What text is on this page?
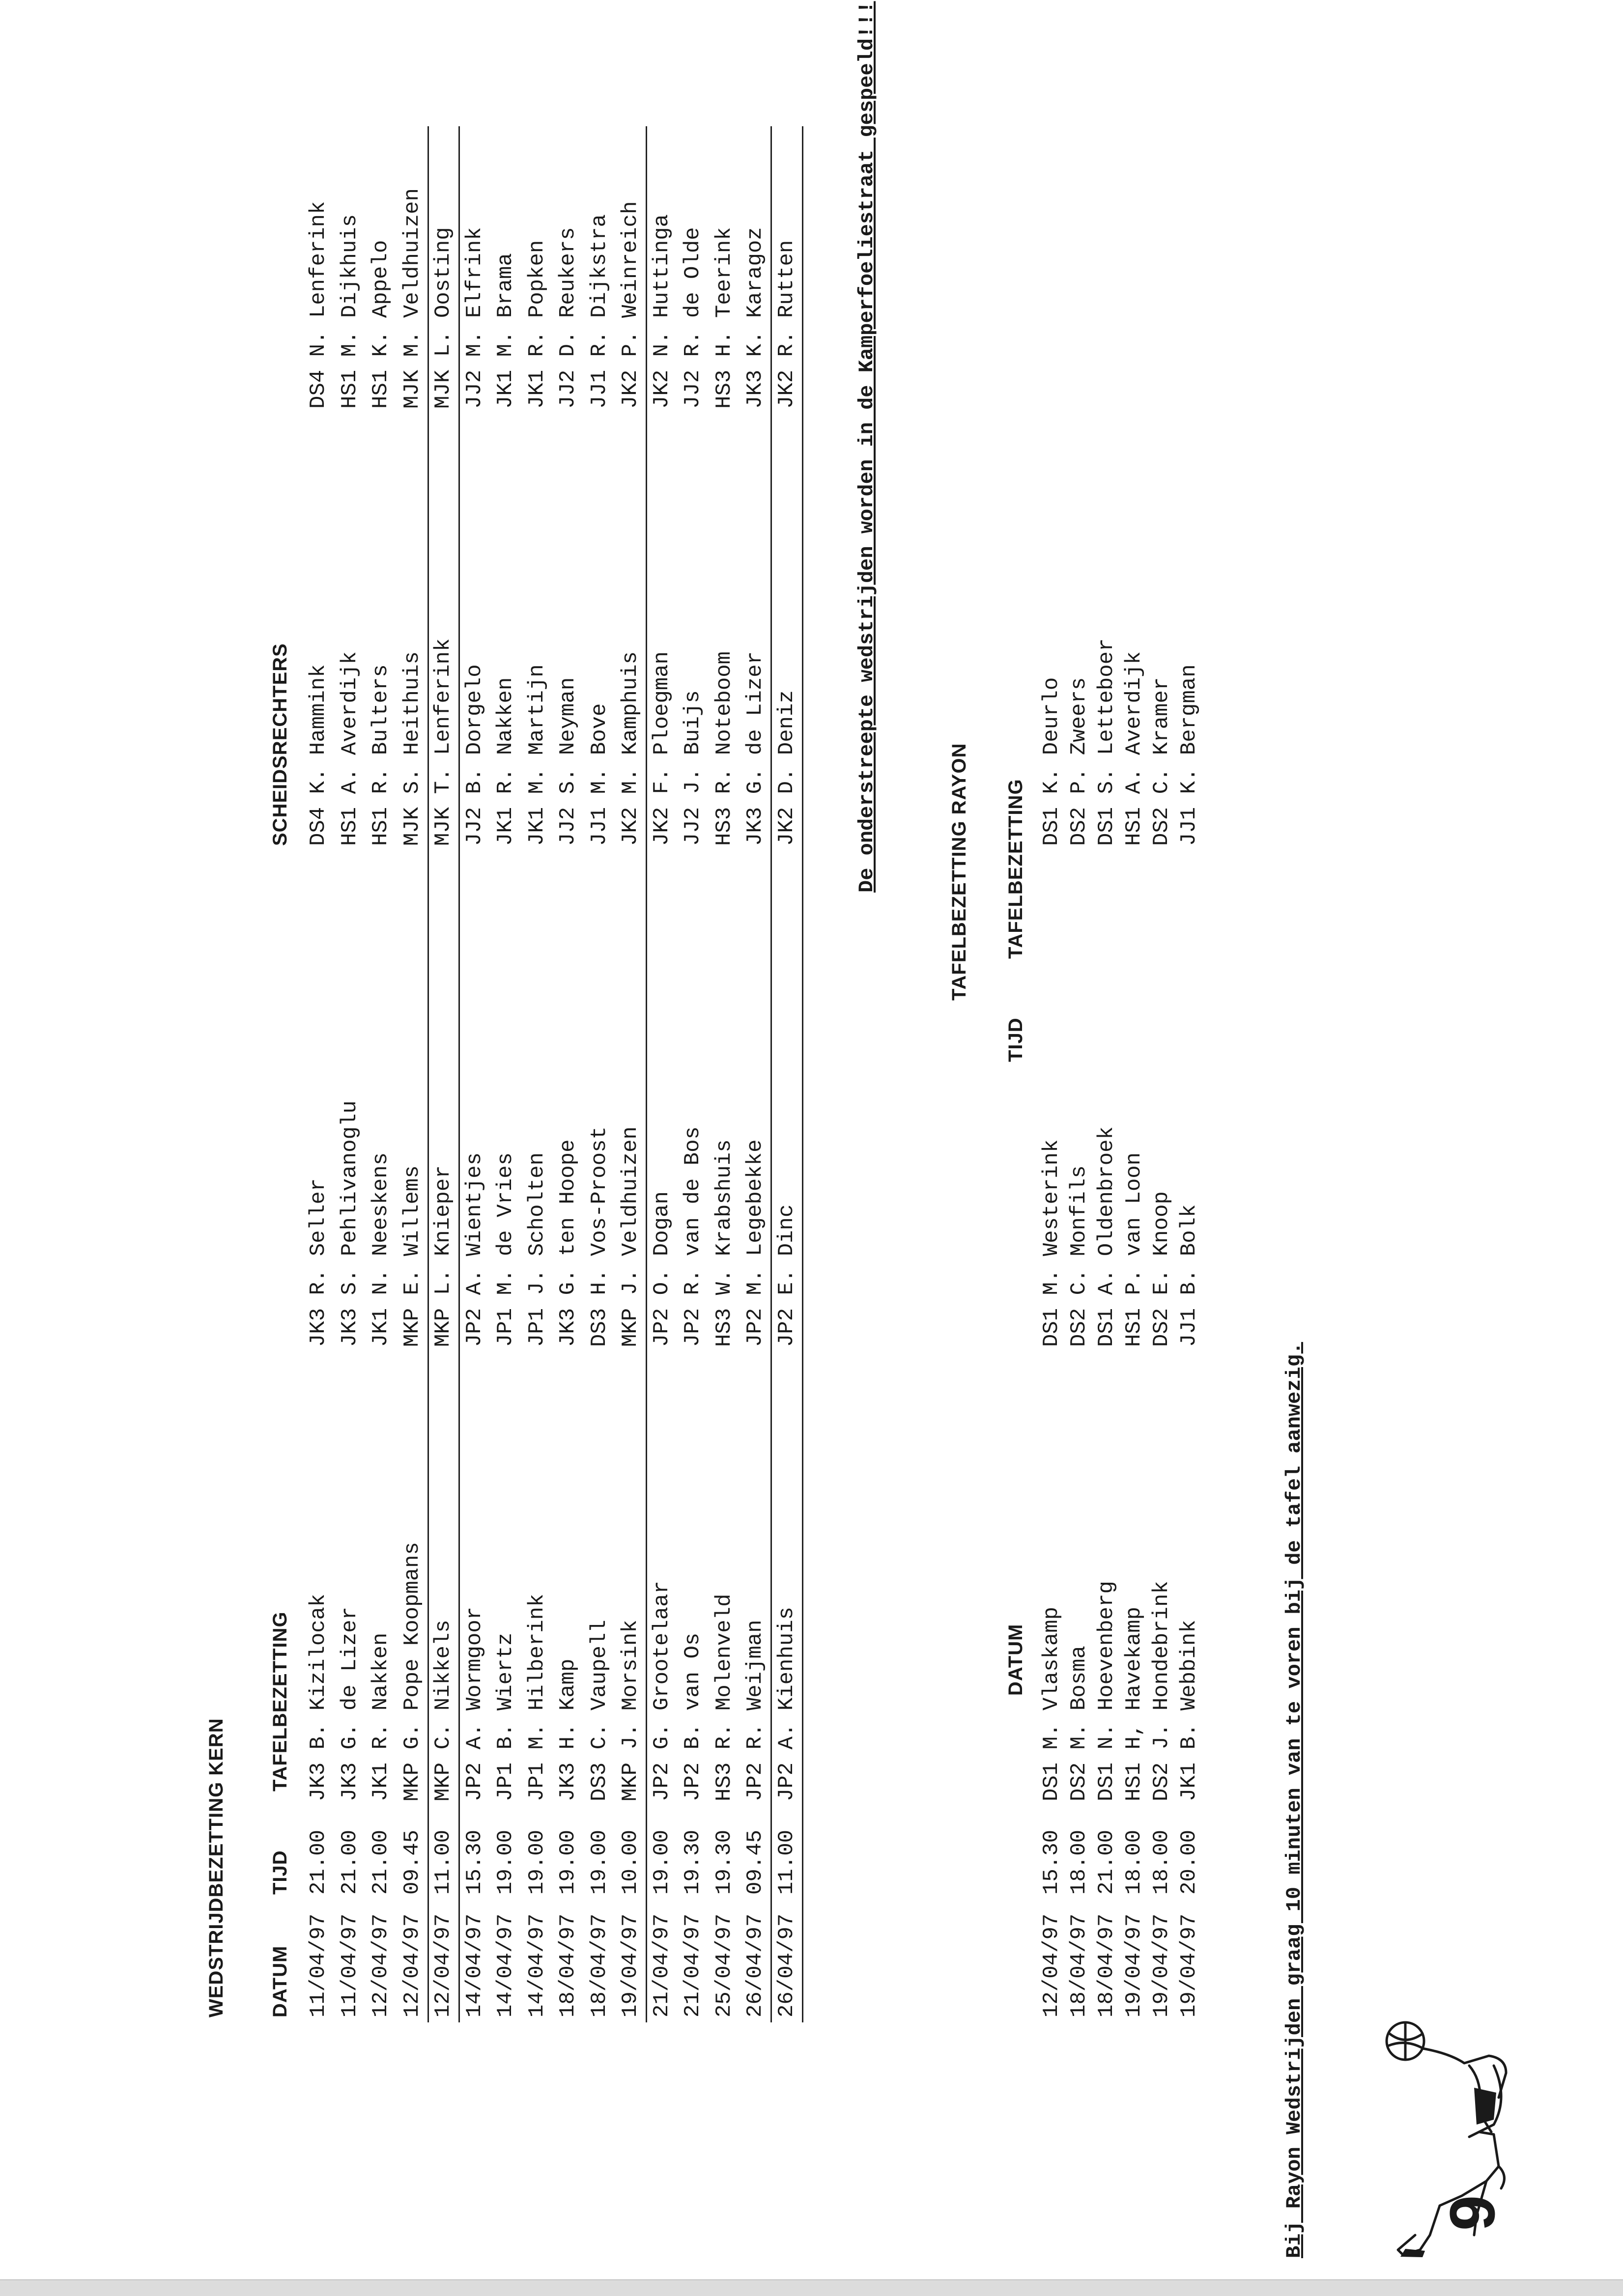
WEDSTRIJDBEZETTING KERN DATUM
TIJD
TAFELBEZETTING
SCHEIDSRECHTERS
11/04/97
21.00
JK3 B. Kizilocak
JK3 R. Seller
DS4 K. Hammink
DS4 N. Lenferink
11/04/97
21.00
JK3 G. de Lizer
JK3 S. Pehlivanoglu
HS1 A. Averdijk
HS1 M. Dijkhuis
12/04/97
21.00
JK1 R. Nakken
JK1 N. Neeskens
HS1 R. Bulters
HS1 K. Appelo
12/04/97
09.45
MKP G. Pope Koopmans
MKP E. Willems
MJK S. Heithuis
MJK M. Veldhuizen
12/04/97
11.00
MKP C. Nikkels
MKP L. Knieper
MJK T. Lenferink
MJK L. Oosting
14/04/97
15.30
JP2 A. Wormgoor
JP2 A. Wientjes
JJ2 B. Dorgelo
JJ2 M. Elfrink
14/04/97
19.00
JP1 B. Wiertz
JP1 M. de Vries
JK1 R. Nakken
JK1 M. Brama
14/04/97
19.00
JP1 M. Hilberink
JP1 J. Scholten
JK1 M. Martijn
JK1 R. Popken
18/04/97
19.00
JK3 H. Kamp
JK3 G. ten Hoope
JJ2 S. Neyman
JJ2 D. Reukers
18/04/97
19.00
DS3 C. Vaupell
DS3 H. Vos-Proost
JJ1 M. Bove
JJ1 R. Dijkstra
19/04/97
10.00
MKP J. Morsink
MKP J. Veldhuizen
JK2 M. Kamphuis
JK2 P. Weinreich
21/04/97
19.00
JP2 G. Grootelaar
JP2 O. Dogan
JK2 F. Ploegman
JK2 N. Huttinga
21/04/97
19.30
JP2 B. van Os
JP2 R. van de Bos
JJ2 J. Buijs
JJ2 R. de Olde
25/04/97
19.30
HS3 R. Molenveld
HS3 W. Krabshuis
HS3 R. Noteboom
HS3 H. Teerink
26/04/97
09.45
JP2 R. Weijman
JP2 M. Legebekke
JK3 G. de Lizer
JK3 K. Karagoz
26/04/97
11.00
JP2 A. Kienhuis
JP2 E. Dinc
JK2 D. Deniz
JK2 R. Rutten	De onderstreepte wedstrijden worden in de Kamperfoeliestraat gespeeld!!!	TAFELBEZETTING RAYON
DATUM
TIJD
TAFELBEZETTING
12/04/97
15.30
DS1 M. Vlaskamp
DS1 M. Westerink
DS1 K. Deurlo
18/04/97
18.00
DS2 M. Bosma
DS2 C. Monfils
DS2 P. Zweers
18/04/97
21.00
DS1 N. Hoevenberg
DS1 A. Oldenbroek
DS1 S. Letteboer
19/04/97
18.00
HS1 H, Havekamp
HS1 P. van Loon
HS1 A. Averdijk
19/04/97
18.00
DS2 J. Hondebrink
DS2 E. Knoop
DS2 C. Kramer
19/04/97
20.00
JK1 B. Webbink
JJ1 B. Bolk
JJ1 K. Bergman
Bij Rayon Wedstrijden graag 10 minuten van te voren bij de tafel aanwezig. 9
